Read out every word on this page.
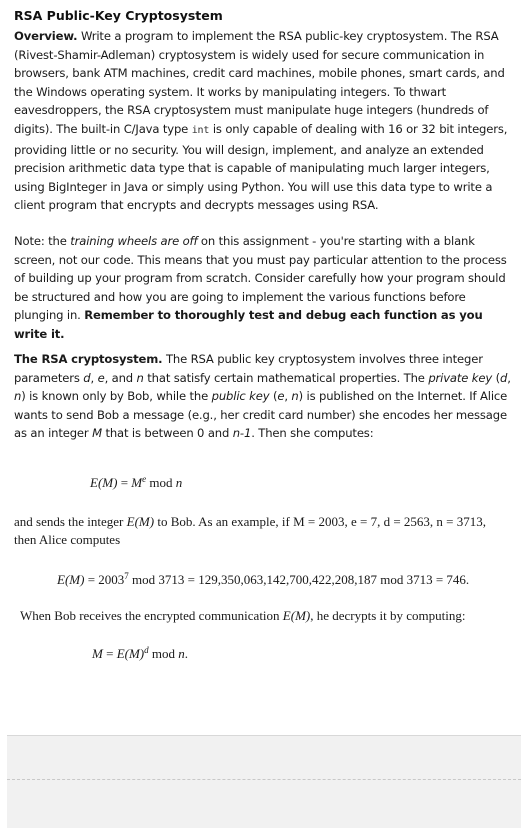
RSA Public-Key Cryptosystem

Overview. Write a program to implement the RSA public-key cryptosystem. The RSA (Rivest-Shamir-Adleman) cryptosystem is widely used for secure communication in browsers, bank ATM machines, credit card machines, mobile phones, smart cards, and the Windows operating system. It works by manipulating integers. To thwart eavesdroppers, the RSA cryptosystem must manipulate huge integers (hundreds of digits). The built-in C/Java type int is only capable of dealing with 16 or 32 bit integers, providing little or no security. You will design, implement, and analyze an extended precision arithmetic data type that is capable of manipulating much larger integers, using BigInteger in Java or simply using Python. You will use this data type to write a client program that encrypts and decrypts messages using RSA.

Note: the training wheels are off on this assignment - you're starting with a blank screen, not our code. This means that you must pay particular attention to the process of building up your program from scratch. Consider carefully how your program should be structured and how you are going to implement the various functions before plunging in. Remember to thoroughly test and debug each function as you write it.

The RSA cryptosystem. The RSA public key cryptosystem involves three integer parameters d, e, and n that satisfy certain mathematical properties. The private key (d, n) is known only by Bob, while the public key (e, n) is published on the Internet. If Alice wants to send Bob a message (e.g., her credit card number) she encodes her message as an integer M that is between 0 and n-1. Then she computes:

$E(M) = M^e$ mod n

and sends the integer E(M) to Bob. As an example, if M = 2003, e = 7, d = 2563, n = 3713, then Alice computes

$E(M) = 2003^7$ mod 3713 = 129,350,063,142,700,422,208,187 mod 3713 = 746.

When Bob receives the encrypted communication E(M), he decrypts it by computing:

$M = E(M)^d$ mod n.
